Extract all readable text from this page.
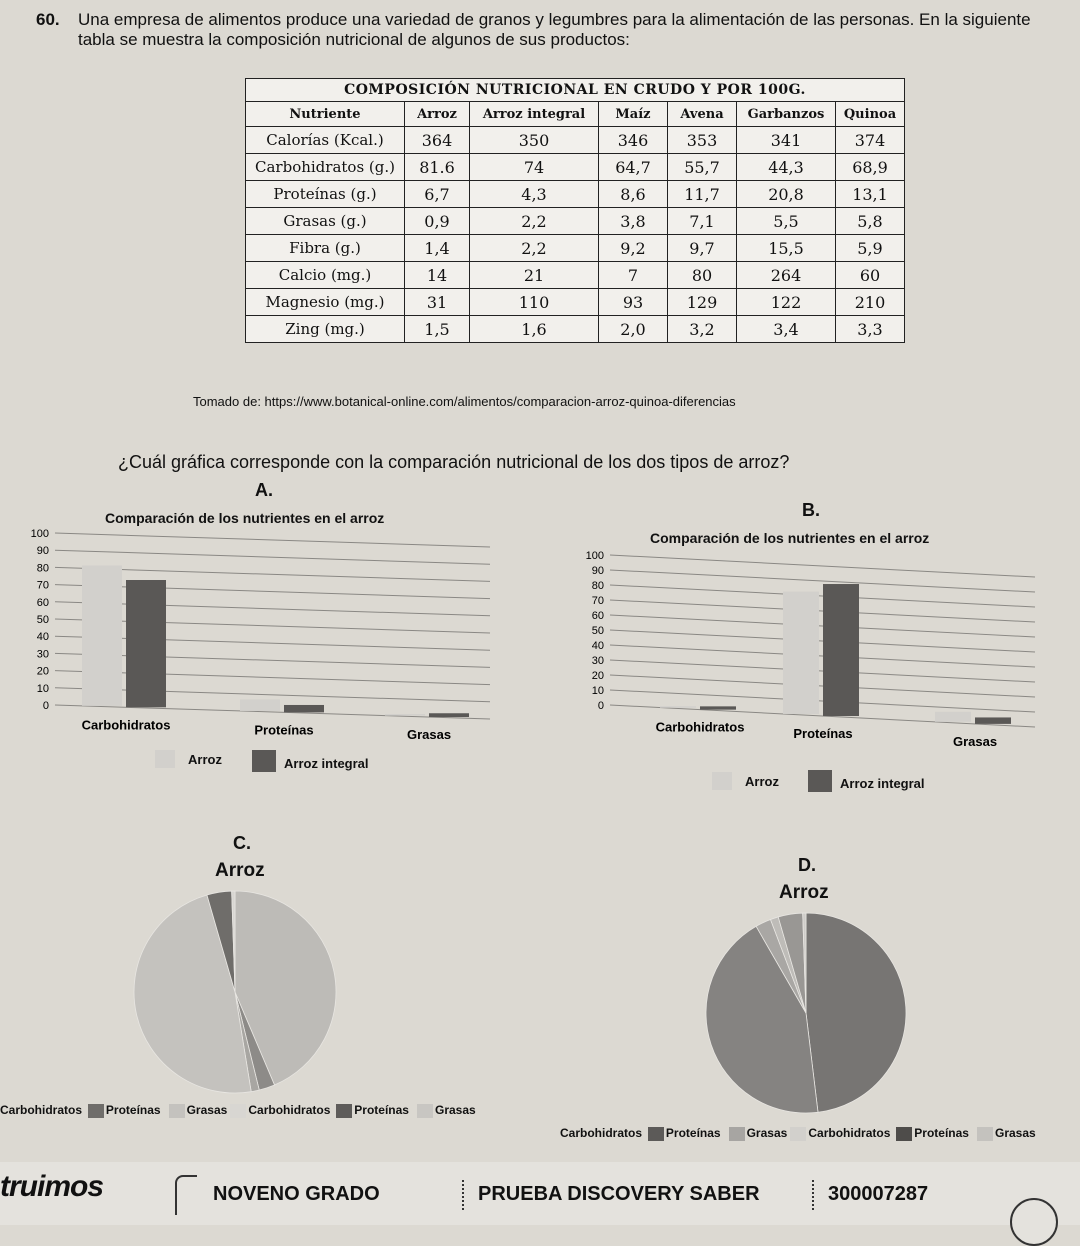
60. Una empresa de alimentos produce una variedad de granos y legumbres para la alimentación de las personas. En la siguiente tabla se muestra la composición nutricional de algunos de sus productos:
COMPOSICIÓN NUTRICIONAL EN CRUDO Y POR 100G.						
Nutriente	Arroz	Arroz integral	Maíz	Avena	Garbanzos	Quinoa
Calorías (Kcal.)	364	350	346	353	341	374
Carbohidratos (g.)	81.6	74	64,7	55,7	44,3	68,9
Proteínas (g.)	6,7	4,3	8,6	11,7	20,8	13,1
Grasas (g.)	0,9	2,2	3,8	7,1	5,5	5,8
Fibra (g.)	1,4	2,2	9,2	9,7	15,5	5,9
Calcio (mg.)	14	21	7	80	264	60
Magnesio (mg.)	31	110	93	129	122	210
Zing (mg.)	1,5	1,6	2,0	3,2	3,4	3,3
Tomado de: https://www.botanical-online.com/alimentos/comparacion-arroz-quinoa-diferencias
¿Cuál gráfica corresponde con la comparación nutricional de los dos tipos de arroz?
A.
Comparación de los nutrientes en el arroz
100
90
80
70
60
50
40
30
20
10
0
Carbohidratos	Proteínas	Grasas
Arroz	Arroz integral
B.
Comparación de los nutrientes en el arroz
100
90
80
70
60
50
40
30
20
10
0
Carbohidratos	Proteínas
Grasas
Arroz	Arroz integral
C.
Arroz
Carbohidratos Proteínas Grasas Carbohidratos Proteínas Grasas
D.
Arroz
Carbohidratos Proteínas Grasas Carbohidratos Proteínas Grasas
truimos	NOVENO GRADO	PRUEBA DISCOVERY SABER	300007287
